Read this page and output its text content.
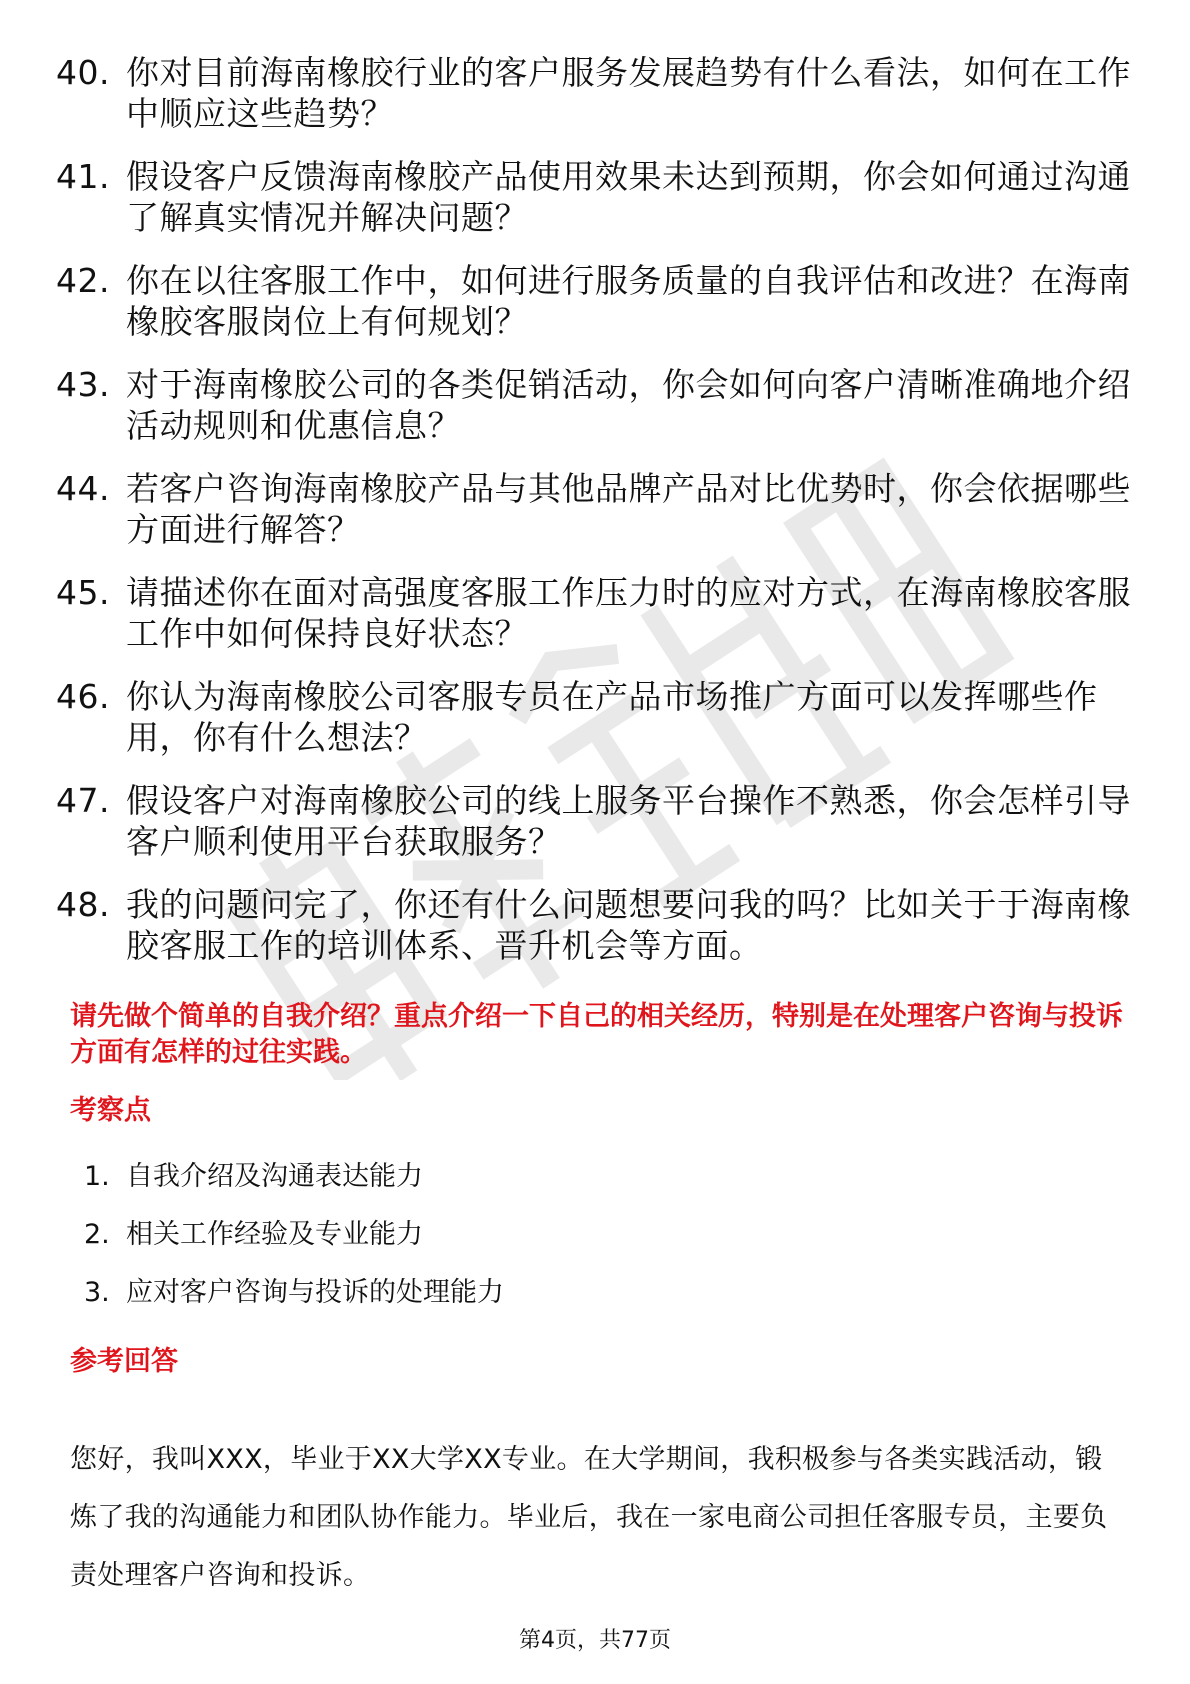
40. 你对目前海南橡胶行业的客户服务发展趋势有什么看法，如何在工作中顺应这些趋势？
41. 假设客户反馈海南橡胶产品使用效果未达到预期，你会如何通过沟通了解真实情况并解决问题？
42. 你在以往客服工作中，如何进行服务质量的自我评估和改进？在海南橡胶客服岗位上有何规划？
43. 对于海南橡胶公司的各类促销活动，你会如何向客户清晰准确地介绍活动规则和优惠信息？
44. 若客户咨询海南橡胶产品与其他品牌产品对比优势时，你会依据哪些方面进行解答？
45. 请描述你在面对高强度客服工作压力时的应对方式，在海南橡胶客服工作中如何保持良好状态？
46. 你认为海南橡胶公司客服专员在产品市场推广方面可以发挥哪些作用，你有什么想法？
47. 假设客户对海南橡胶公司的线上服务平台操作不熟悉，你会怎样引导客户顺利使用平台获取服务？
48. 我的问题问完了，你还有什么问题想要问我的吗？比如关于于海南橡胶客服工作的培训体系、晋升机会等方面。
请先做个简单的自我介绍？重点介绍一下自己的相关经历，特别是在处理客户咨询与投诉方面有怎样的过往实践。
考察点
1. 自我介绍及沟通表达能力
2. 相关工作经验及专业能力
3. 应对客户咨询与投诉的处理能力
参考回答
您好，我叫XXX，毕业于XX大学XX专业。在大学期间，我积极参与各类实践活动，锻炼了我的沟通能力和团队协作能力。毕业后，我在一家电商公司担任客服专员，主要负责处理客户咨询和投诉。
第4页，共77页
